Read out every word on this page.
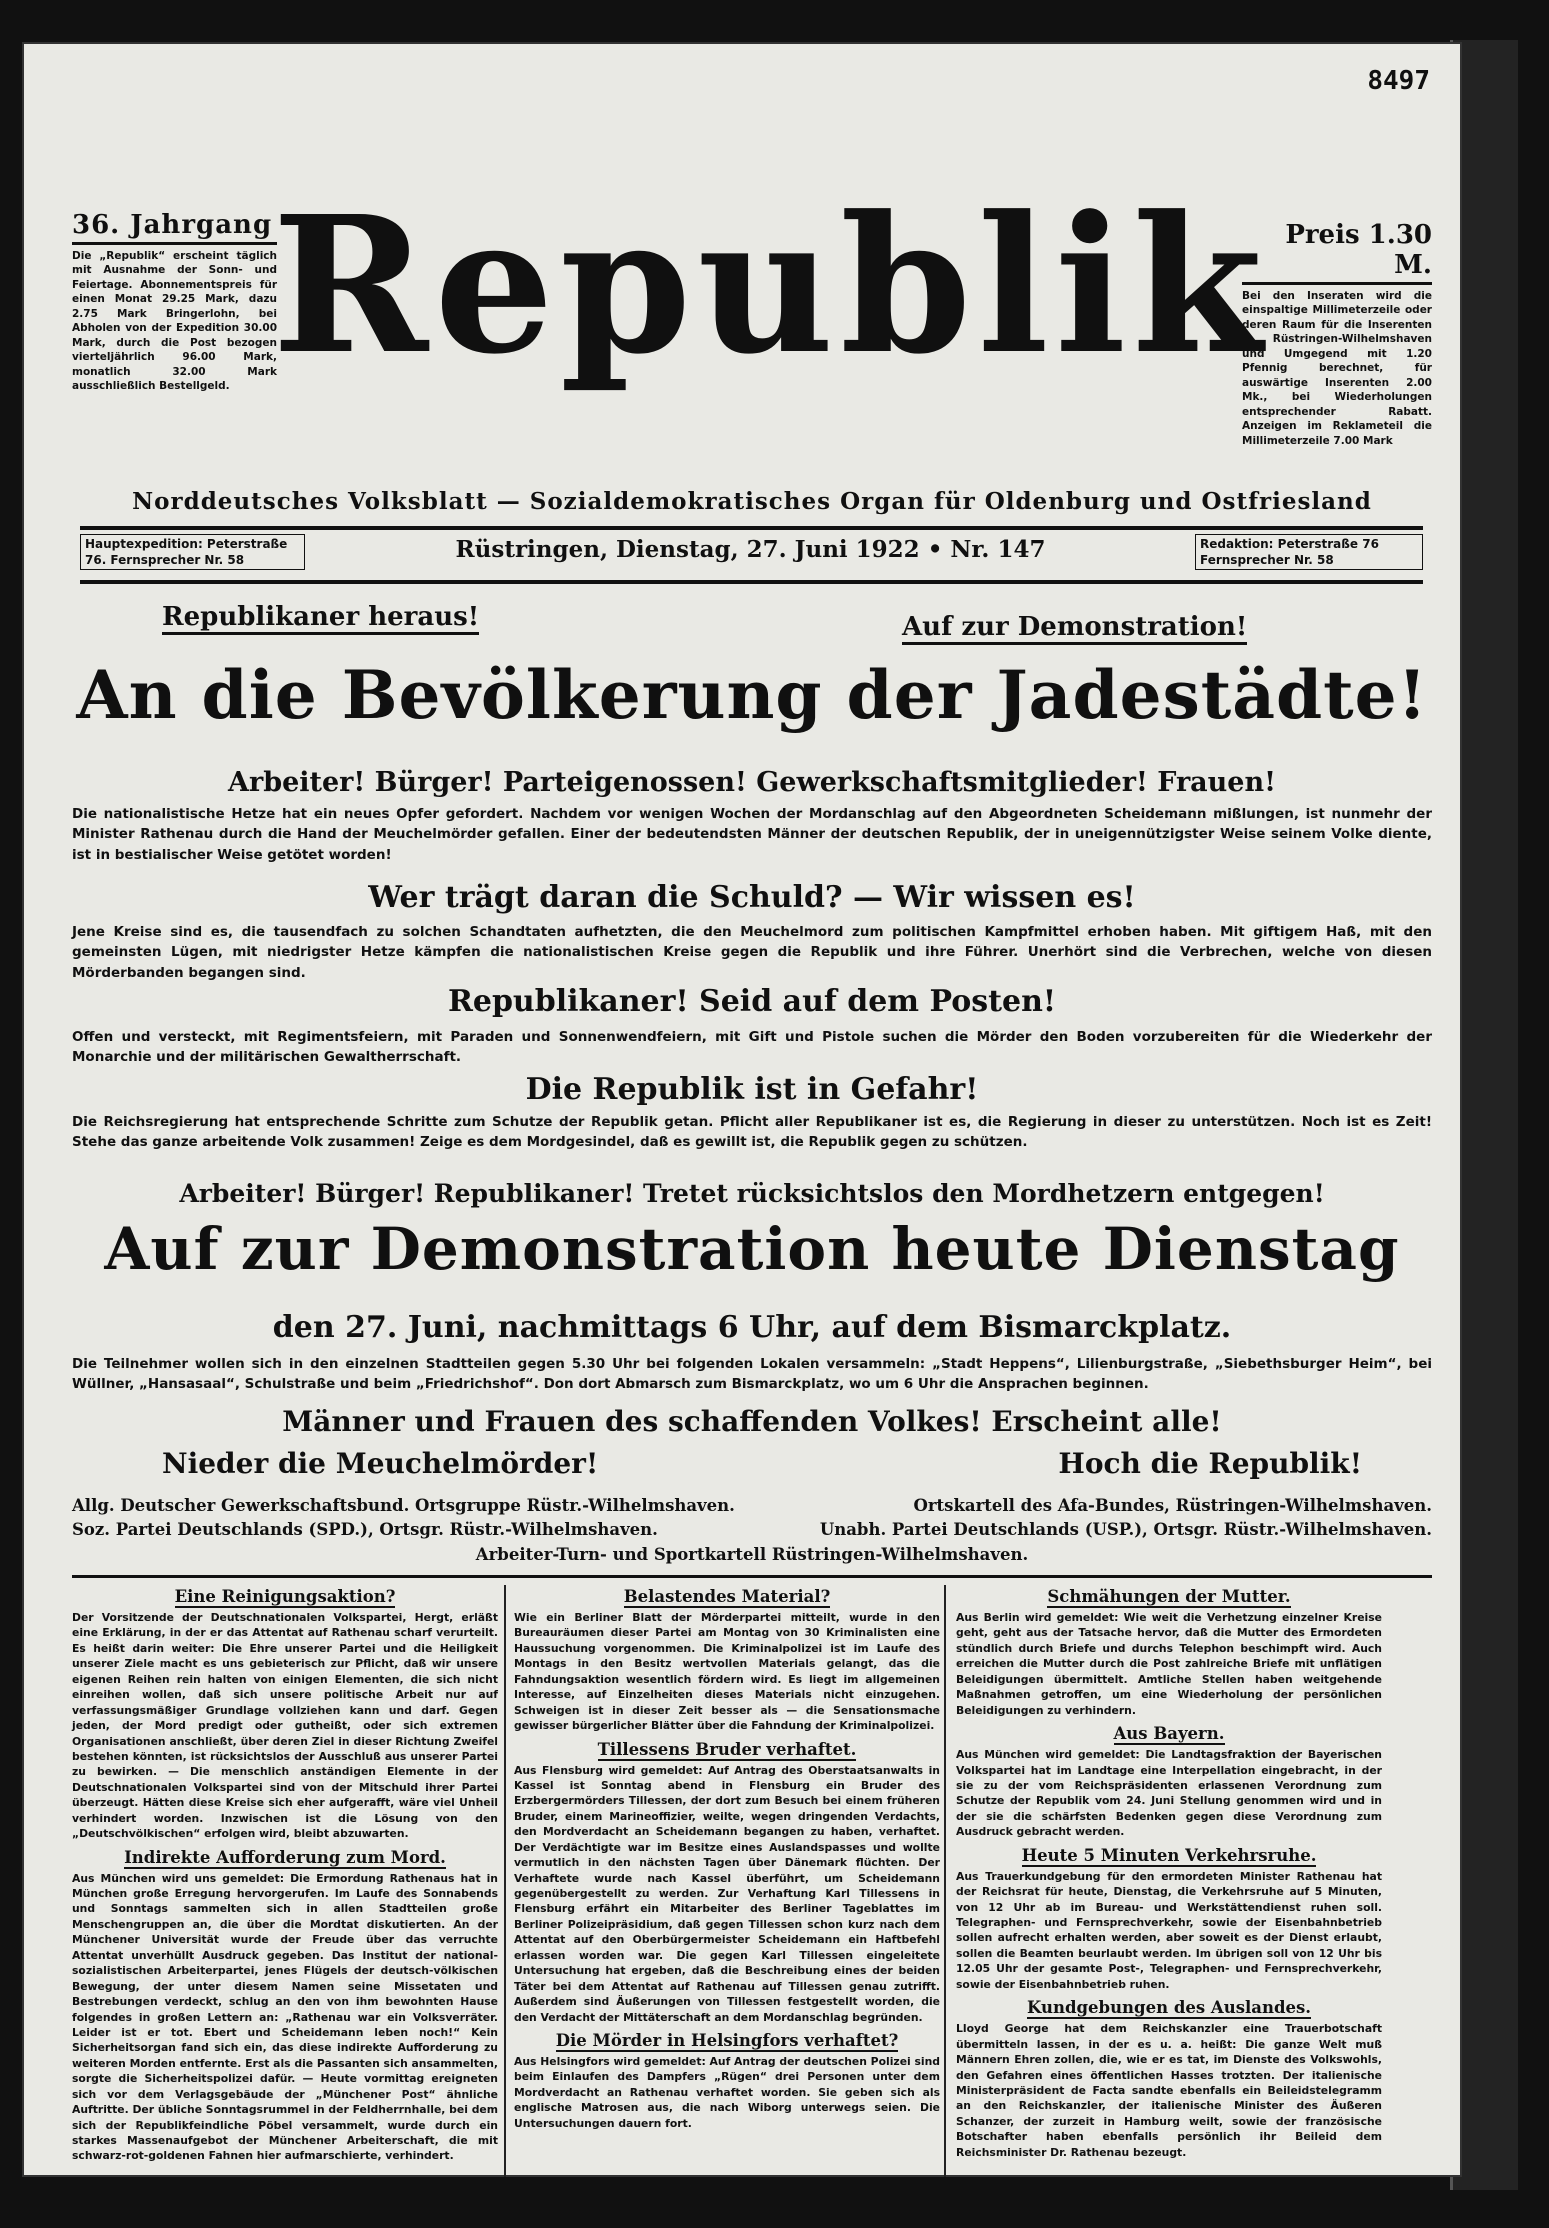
8497
36. Jahrgang
Die „Republik“ erscheint täglich mit Ausnahme der Sonn- und Feiertage. Abonnementspreis für einen Monat 29.25 Mark, dazu 2.75 Mark Bringerlohn, bei Abholen von der Expedition 30.00 Mark, durch die Post bezogen vierteljährlich 96.00 Mark, monatlich 32.00 Mark ausschließlich Bestellgeld. Republik Preis 1.30 M.
Bei den Inseraten wird die einspaltige Millimeterzeile oder deren Raum für die Inserenten in Rüstringen-Wilhelmshaven und Umgegend mit 1.20 Pfennig berechnet, für auswärtige Inserenten 2.00 Mk., bei Wiederholungen entsprechender Rabatt. Anzeigen im Reklameteil die Millimeterzeile 7.00 Mark
Norddeutsches Volksblatt — Sozialdemokratisches Organ für Oldenburg und Ostfriesland
Hauptexpedition: Peterstraße 76. Fernsprecher Nr. 58	Rüstringen, Dienstag, 27. Juni 1922 • Nr. 147	Redaktion: Peterstraße 76 Fernsprecher Nr. 58
Republikaner heraus!	Auf zur Demonstration!
An die Bevölkerung der Jadestädte!
Arbeiter! Bürger! Parteigenossen! Gewerkschaftsmitglieder! Frauen!
Die nationalistische Hetze hat ein neues Opfer gefordert. Nachdem vor wenigen Wochen der Mordanschlag auf den Abgeordneten Scheidemann mißlungen, ist nunmehr der Minister Rathenau durch die Hand der Meuchelmörder gefallen. Einer der bedeutendsten Männer der deutschen Republik, der in uneigennützigster Weise seinem Volke diente, ist in bestialischer Weise getötet worden!
Wer trägt daran die Schuld? — Wir wissen es!
Jene Kreise sind es, die tausendfach zu solchen Schandtaten aufhetzten, die den Meuchelmord zum politischen Kampfmittel erhoben haben. Mit giftigem Haß, mit den gemeinsten Lügen, mit niedrigster Hetze kämpfen die nationalistischen Kreise gegen die Republik und ihre Führer. Unerhört sind die Verbrechen, welche von diesen Mörderbanden begangen sind.
Republikaner! Seid auf dem Posten!
Offen und versteckt, mit Regimentsfeiern, mit Paraden und Sonnenwendfeiern, mit Gift und Pistole suchen die Mörder den Boden vorzubereiten für die Wiederkehr der Monarchie und der militärischen Gewaltherrschaft.
Die Republik ist in Gefahr!
Die Reichsregierung hat entsprechende Schritte zum Schutze der Republik getan. Pflicht aller Republikaner ist es, die Regierung in dieser zu unterstützen. Noch ist es Zeit! Stehe das ganze arbeitende Volk zusammen! Zeige es dem Mordgesindel, daß es gewillt ist, die Republik gegen zu schützen.
Arbeiter! Bürger! Republikaner! Tretet rücksichtslos den Mordhetzern entgegen!
Auf zur Demonstration heute Dienstag
den 27. Juni, nachmittags 6 Uhr, auf dem Bismarckplatz.
Die Teilnehmer wollen sich in den einzelnen Stadtteilen gegen 5.30 Uhr bei folgenden Lokalen versammeln: „Stadt Heppens“, Lilienburgstraße, „Siebethsburger Heim“, bei Wüllner, „Hansasaal“, Schulstraße und beim „Friedrichshof“. Don dort Abmarsch zum Bismarckplatz, wo um 6 Uhr die Ansprachen beginnen.
Männer und Frauen des schaffenden Volkes! Erscheint alle!
Nieder die Meuchelmörder!	Hoch die Republik!
Allg. Deutscher Gewerkschaftsbund. Ortsgruppe Rüstr.-Wilhelmshaven.	Ortskartell des Afa-Bundes, Rüstringen-Wilhelmshaven.
Soz. Partei Deutschlands (SPD.), Ortsgr. Rüstr.-Wilhelmshaven.	Unabh. Partei Deutschlands (USP.), Ortsgr. Rüstr.-Wilhelmshaven.
Arbeiter-Turn- und Sportkartell Rüstringen-Wilhelmshaven.
Eine Reinigungsaktion?

Der Vorsitzende der Deutschnationalen Volkspartei, Hergt, erläßt eine Erklärung, in der er das Attentat auf Rathenau scharf verurteilt. Es heißt darin weiter: Die Ehre unserer Partei und die Heiligkeit unserer Ziele macht es uns gebieterisch zur Pflicht, daß wir unsere eigenen Reihen rein halten von einigen Elementen, die sich nicht einreihen wollen, daß sich unsere politische Arbeit nur auf verfassungsmäßiger Grundlage vollziehen kann und darf. Gegen jeden, der Mord predigt oder gutheißt, oder sich extremen Organisationen anschließt, über deren Ziel in dieser Richtung Zweifel bestehen könnten, ist rücksichtslos der Ausschluß aus unserer Partei zu bewirken. — Die menschlich anständigen Elemente in der Deutschnationalen Volkspartei sind von der Mitschuld ihrer Partei überzeugt. Hätten diese Kreise sich eher aufgerafft, wäre viel Unheil verhindert worden. Inzwischen ist die Lösung von den „Deutschvölkischen“ erfolgen wird, bleibt abzuwarten.

Indirekte Aufforderung zum Mord.

Aus München wird uns gemeldet: Die Ermordung Rathenaus hat in München große Erregung hervorgerufen. Im Laufe des Sonnabends und Sonntags sammelten sich in allen Stadtteilen große Menschengruppen an, die über die Mordtat diskutierten. An der Münchener Universität wurde der Freude über das verruchte Attentat unverhüllt Ausdruck gegeben. Das Institut der national-sozialistischen Arbeiterpartei, jenes Flügels der deutsch-völkischen Bewegung, der unter diesem Namen seine Missetaten und Bestrebungen verdeckt, schlug an den von ihm bewohnten Hause folgendes in großen Lettern an: „Rathenau war ein Volksverräter. Leider ist er tot. Ebert und Scheidemann leben noch!“ Kein Sicherheitsorgan fand sich ein, das diese indirekte Aufforderung zu weiteren Morden entfernte. Erst als die Passanten sich ansammelten, sorgte die Sicherheitspolizei dafür. — Heute vormittag ereigneten sich vor dem Verlagsgebäude der „Münchener Post“ ähnliche Auftritte. Der übliche Sonntagsrummel in der Feldherrnhalle, bei dem sich der Republikfeindliche Pöbel versammelt, wurde durch ein starkes Massenaufgebot der Münchener Arbeiterschaft, die mit schwarz-rot-goldenen Fahnen hier aufmarschierte, verhindert.

Belastendes Material?

Wie ein Berliner Blatt der Mörderpartei mitteilt, wurde in den Bureauräumen dieser Partei am Montag von 30 Kriminalisten eine Haussuchung vorgenommen. Die Kriminalpolizei ist im Laufe des Montags in den Besitz wertvollen Materials gelangt, das die Fahndungsaktion wesentlich fördern wird. Es liegt im allgemeinen Interesse, auf Einzelheiten dieses Materials nicht einzugehen. Schweigen ist in dieser Zeit besser als — die Sensationsmache gewisser bürgerlicher Blätter über die Fahndung der Kriminalpolizei.

Tillessens Bruder verhaftet.

Aus Flensburg wird gemeldet: Auf Antrag des Oberstaatsanwalts in Kassel ist Sonntag abend in Flensburg ein Bruder des Erzbergermörders Tillessen, der dort zum Besuch bei einem früheren Bruder, einem Marineoffizier, weilte, wegen dringenden Verdachts, den Mordverdacht an Scheidemann begangen zu haben, verhaftet. Der Verdächtigte war im Besitze eines Auslandspasses und wollte vermutlich in den nächsten Tagen über Dänemark flüchten. Der Verhaftete wurde nach Kassel überführt, um Scheidemann gegenübergestellt zu werden. Zur Verhaftung Karl Tillessens in Flensburg erfährt ein Mitarbeiter des Berliner Tageblattes im Berliner Polizeipräsidium, daß gegen Tillessen schon kurz nach dem Attentat auf den Oberbürgermeister Scheidemann ein Haftbefehl erlassen worden war. Die gegen Karl Tillessen eingeleitete Untersuchung hat ergeben, daß die Beschreibung eines der beiden Täter bei dem Attentat auf Rathenau auf Tillessen genau zutrifft. Außerdem sind Äußerungen von Tillessen festgestellt worden, die den Verdacht der Mittäterschaft an dem Mordanschlag begründen.

Die Mörder in Helsingfors verhaftet?

Aus Helsingfors wird gemeldet: Auf Antrag der deutschen Polizei sind beim Einlaufen des Dampfers „Rügen“ drei Personen unter dem Mordverdacht an Rathenau verhaftet worden. Sie geben sich als englische Matrosen aus, die nach Wiborg unterwegs seien. Die Untersuchungen dauern fort.

Schmähungen der Mutter.

Aus Berlin wird gemeldet: Wie weit die Verhetzung einzelner Kreise geht, geht aus der Tatsache hervor, daß die Mutter des Ermordeten stündlich durch Briefe und durchs Telephon beschimpft wird. Auch erreichen die Mutter durch die Post zahlreiche Briefe mit unflätigen Beleidigungen übermittelt. Amtliche Stellen haben weitgehende Maßnahmen getroffen, um eine Wiederholung der persönlichen Beleidigungen zu verhindern.

Aus Bayern.

Aus München wird gemeldet: Die Landtagsfraktion der Bayerischen Volkspartei hat im Landtage eine Interpellation eingebracht, in der sie zu der vom Reichspräsidenten erlassenen Verordnung zum Schutze der Republik vom 24. Juni Stellung genommen wird und in der sie die schärfsten Bedenken gegen diese Verordnung zum Ausdruck gebracht werden.

Heute 5 Minuten Verkehrsruhe.

Aus Trauerkundgebung für den ermordeten Minister Rathenau hat der Reichsrat für heute, Dienstag, die Verkehrsruhe auf 5 Minuten, von 12 Uhr ab im Bureau- und Werkstättendienst ruhen soll. Telegraphen- und Fernsprechverkehr, sowie der Eisenbahnbetrieb sollen aufrecht erhalten werden, aber soweit es der Dienst erlaubt, sollen die Beamten beurlaubt werden. Im übrigen soll von 12 Uhr bis 12.05 Uhr der gesamte Post-, Telegraphen- und Fernsprechverkehr, sowie der Eisenbahnbetrieb ruhen.

Kundgebungen des Auslandes.

Lloyd George hat dem Reichskanzler eine Trauerbotschaft übermitteln lassen, in der es u. a. heißt: Die ganze Welt muß Männern Ehren zollen, die, wie er es tat, im Dienste des Volkswohls, den Gefahren eines öffentlichen Hasses trotzten. Der italienische Ministerpräsident de Facta sandte ebenfalls ein Beileidstelegramm an den Reichskanzler, der italienische Minister des Äußeren Schanzer, der zurzeit in Hamburg weilt, sowie der französische Botschafter haben ebenfalls persönlich ihr Beileid dem Reichsminister Dr. Rathenau bezeugt.
